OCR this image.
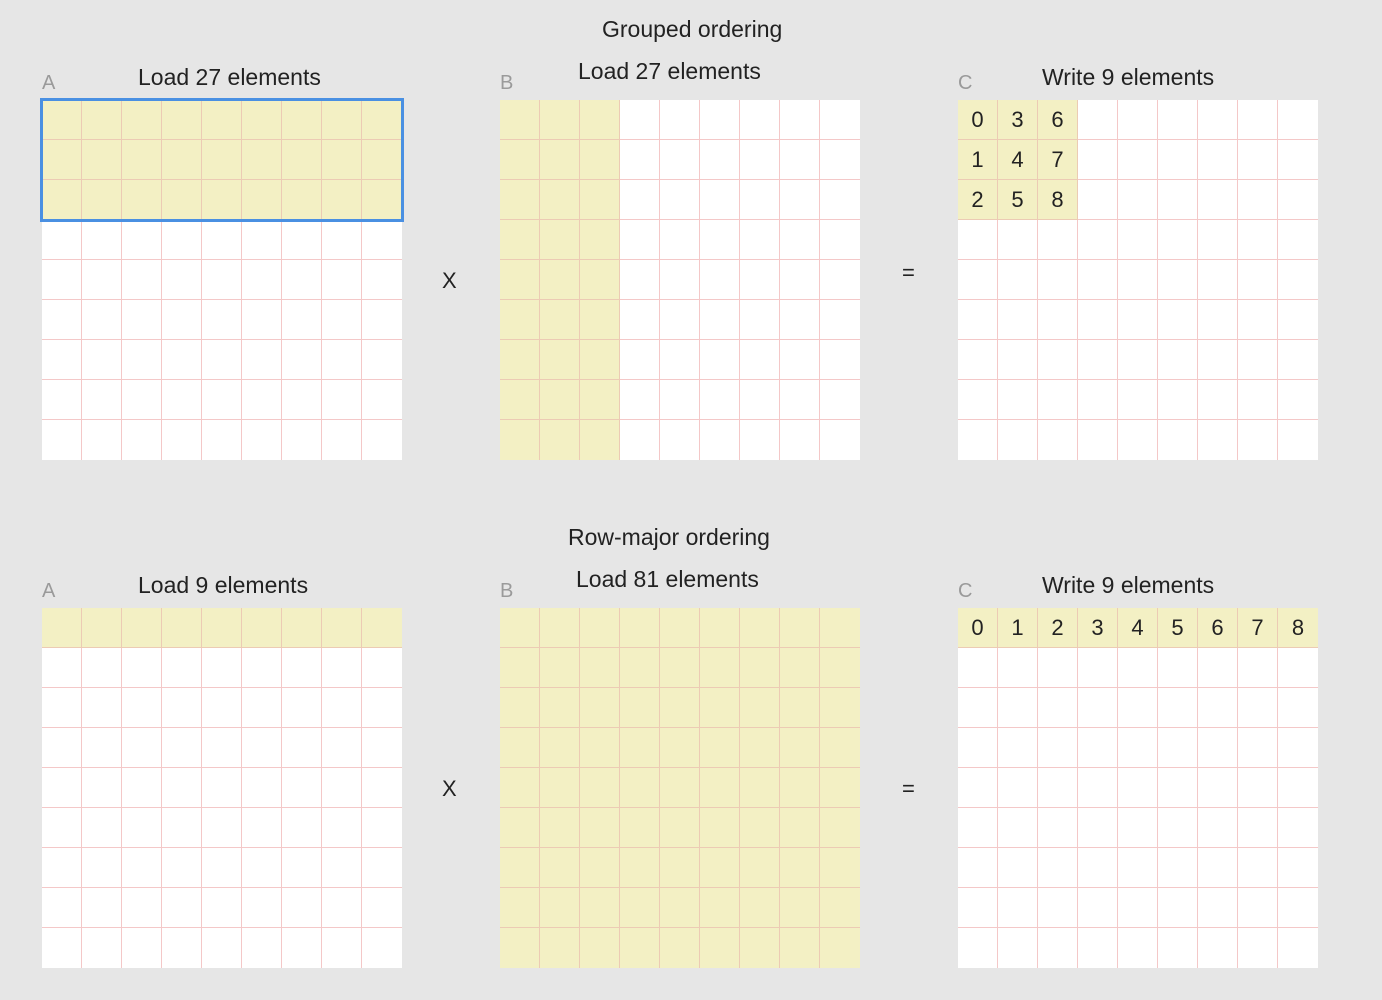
Grouped ordering
A	Load 27 elements
X
B	Load 27 elements
=
C	Write 9 elements
0	3	6
1	4	7
2	5	8
Row-major ordering
A	Load 9 elements
X
B	Load 81 elements
=
C	Write 9 elements
0	1	2	3	4	5	6	7	8
